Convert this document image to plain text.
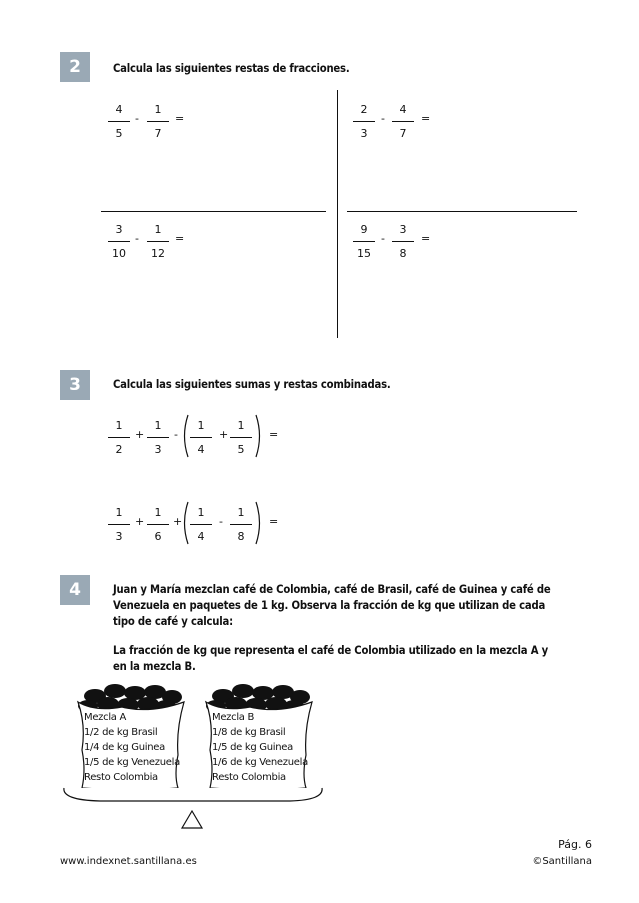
2	Calcula las siguientes restas de fracciones.
4
5
-
1
7
=
2
3
-
4
7
=
3
10
-
1
12
=
9
15
-
3
8
=
3	Calcula las siguientes sumas y restas combinadas.
1
2
+
1
3
-
1
4
+
1
5
=
1
3
+
1
6
+
1
4
-
1
8
=
4	Juan y María mezclan café de Colombia, café de Brasil, café de Guinea y café de
Venezuela en paquetes de 1 kg. Observa la fracción de kg que utilizan de cada
tipo de café y calcula:
La fracción de kg que representa el café de Colombia utilizado en la mezcla A y
en la mezcla B.
Mezcla A
1/2 de kg Brasil
1/4 de kg Guinea
1/5 de kg Venezuela
Resto Colombia
Mezcla B
1/8 de kg Brasil
1/5 de kg Guinea
1/6 de kg Venezuela
Resto Colombia
Pág. 6
www.indexnet.santillana.es	©Santillana
